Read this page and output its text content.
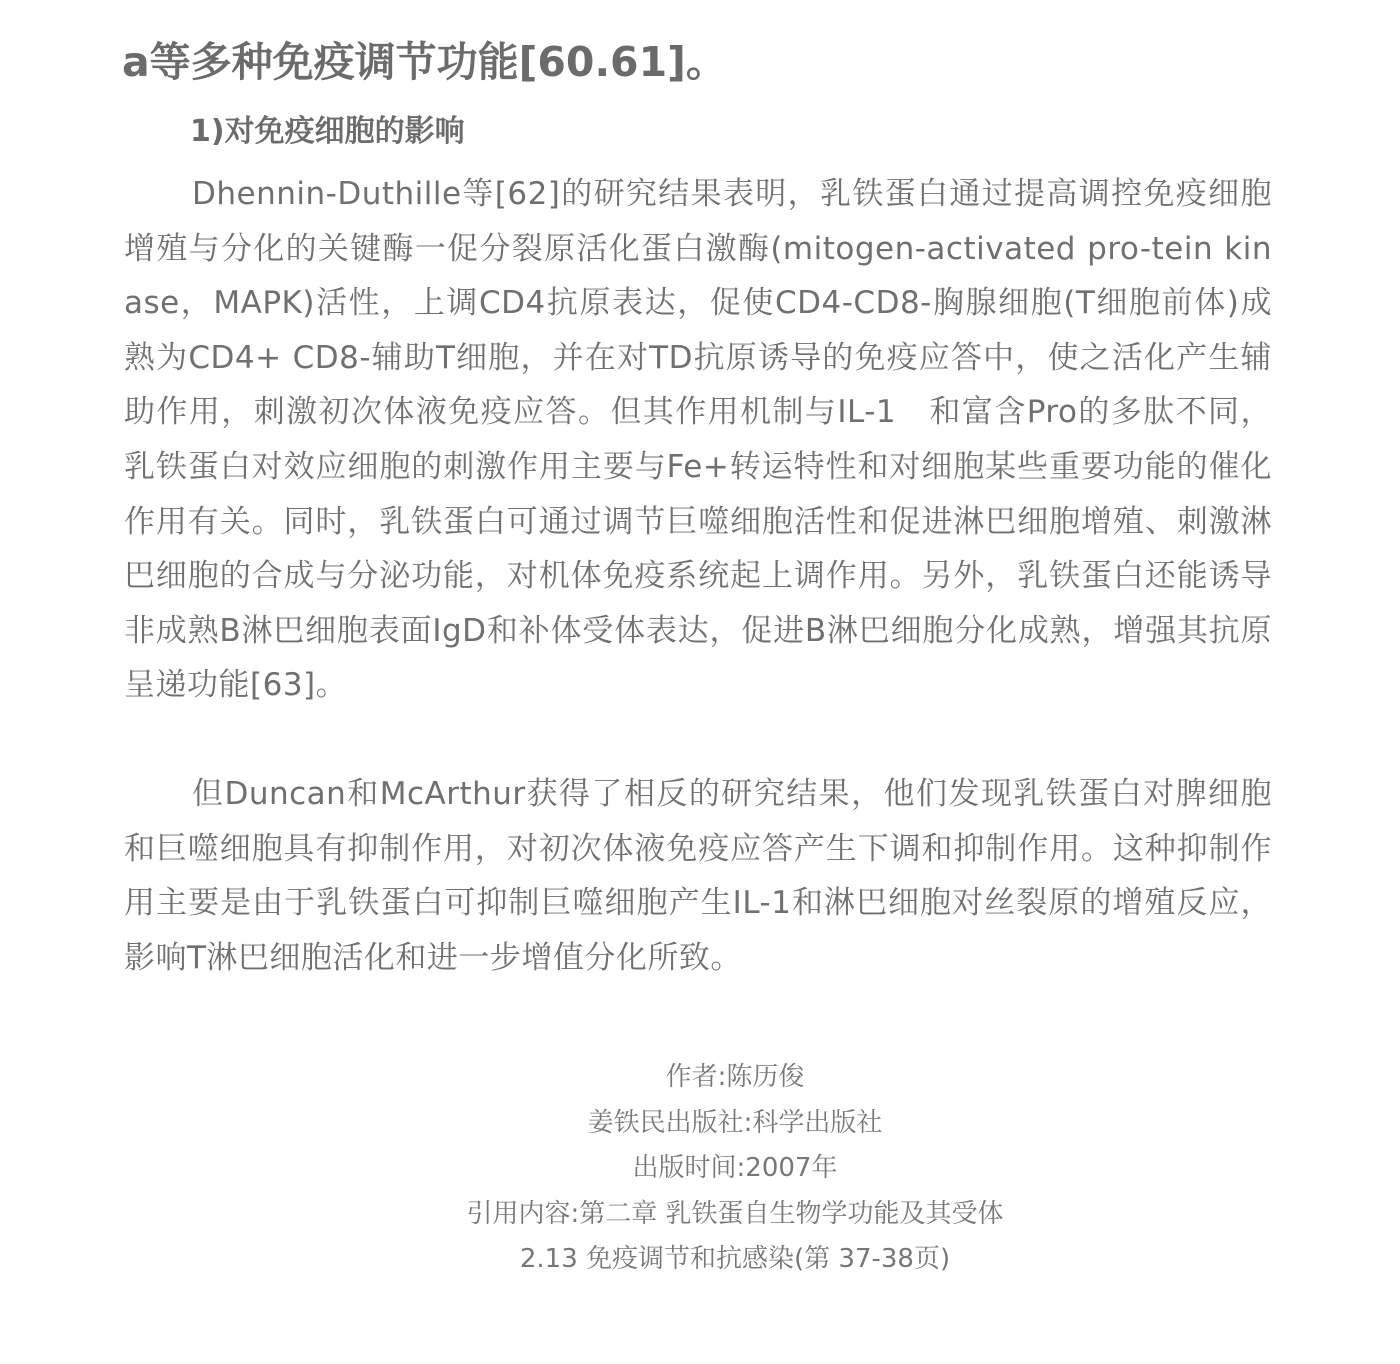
a等多种免疫调节功能[60.61]。
1)对免疫细胞的影响

Dhennin-Duthille等[62]的研究结果表明，乳铁蛋白通过提高调控免疫细胞增殖与分化的关键酶一促分裂原活化蛋白激酶(mitogen-activated pro-tein kinase，MAPK)活性，上调CD4抗原表达，促使CD4-CD8-胸腺细胞(T细胞前体)成熟为CD4+ CD8-辅助T细胞，并在对TD抗原诱导的免疫应答中，使之活化产生辅助作用，刺激初次体液免疫应答。但其作用机制与IL-1　和富含Pro的多肽不同，乳铁蛋白对效应细胞的刺激作用主要与Fe+转运特性和对细胞某些重要功能的催化作用有关。同时，乳铁蛋白可通过调节巨噬细胞活性和促进淋巴细胞增殖、刺激淋巴细胞的合成与分泌功能，对机体免疫系统起上调作用。另外，乳铁蛋白还能诱导非成熟B淋巴细胞表面IgD和补体受体表达，促进B淋巴细胞分化成熟，增强其抗原呈递功能[63]。

但Duncan和McArthur获得了相反的研究结果，他们发现乳铁蛋白对脾细胞和巨噬细胞具有抑制作用，对初次体液免疫应答产生下调和抑制作用。这种抑制作用主要是由于乳铁蛋白可抑制巨噬细胞产生IL-1和淋巴细胞对丝裂原的增殖反应，影响T淋巴细胞活化和进一步增值分化所致。

作者:陈历俊
姜铁民出版社:科学出版社
出版时间:2007年
引用内容:第二章 乳铁蛋自生物学功能及其受体
2.13 免疫调节和抗感染(第 37-38页)
